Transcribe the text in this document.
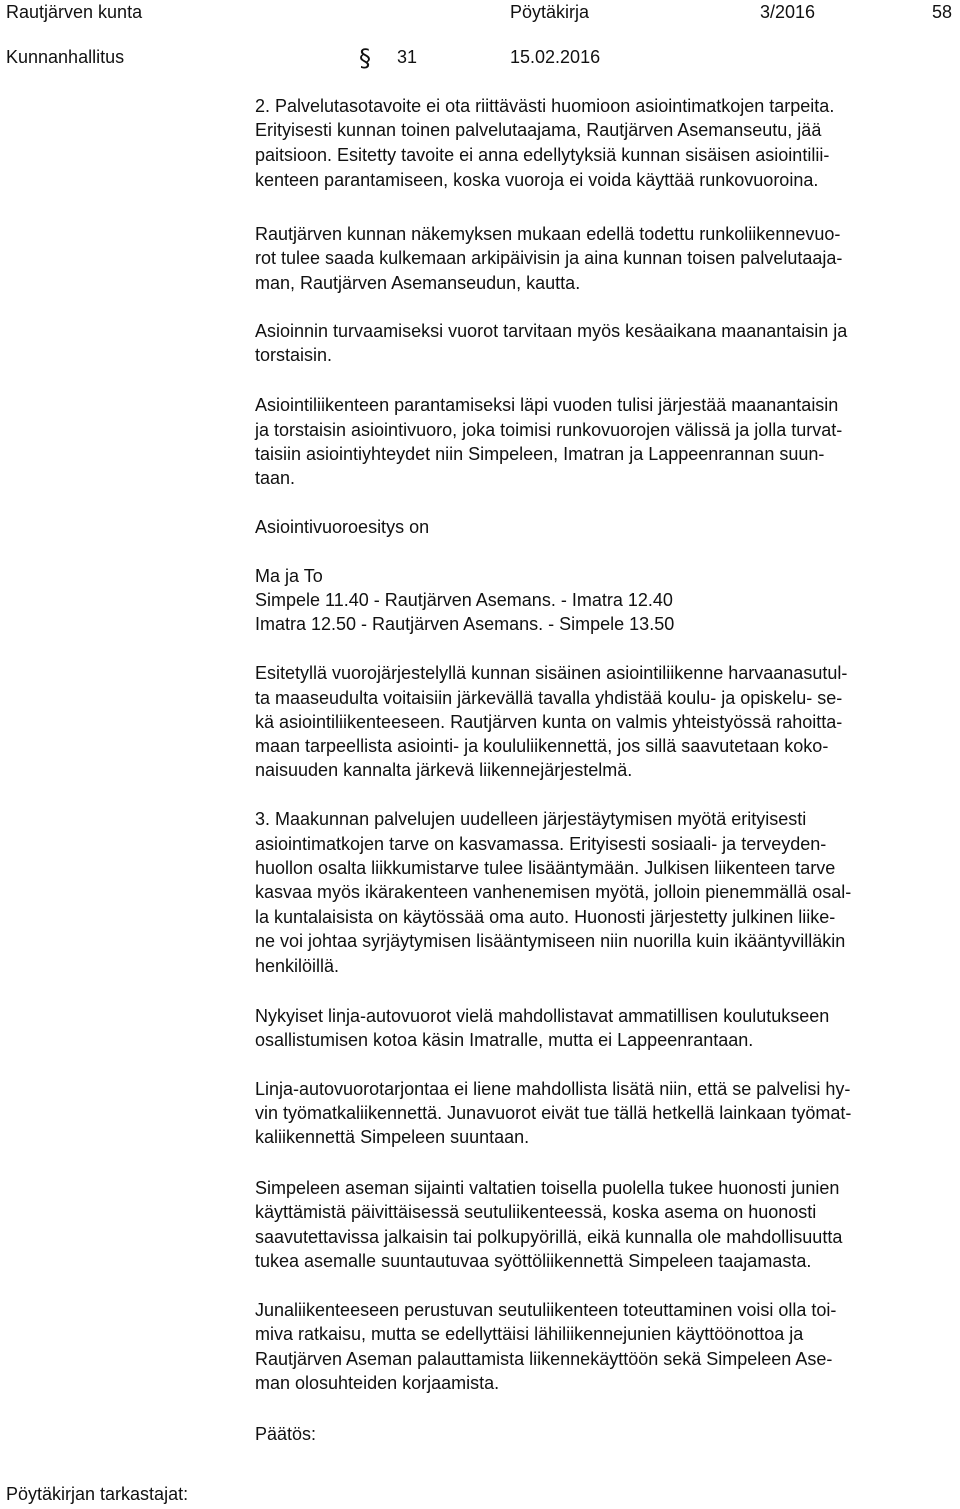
Rautjärven kunta	Pöytäkirja	3/2016	58
Kunnanhallitus	§ 31	15.02.2016
2. Palvelutasotavoite ei ota riittävästi huomioon asiointimatkojen tarpeita.
Erityisesti kunnan toinen palvelutaajama, Rautjärven Asemanseutu, jää
paitsioon. Esitetty tavoite ei anna edellytyksiä kunnan sisäisen asiointilii-
kenteen parantamiseen, koska vuoroja ei voida käyttää runkovuoroina.
Rautjärven kunnan näkemyksen mukaan edellä todettu runkoliikennevuo-
rot tulee saada kulkemaan arkipäivisin ja aina kunnan toisen palvelutaaja-
man, Rautjärven Asemanseudun, kautta.
Asioinnin turvaamiseksi vuorot tarvitaan myös kesäaikana maanantaisin ja
torstaisin.
Asiointiliikenteen parantamiseksi läpi vuoden tulisi järjestää maanantaisin
ja torstaisin asiointivuoro, joka toimisi runkovuorojen välissä ja jolla turvat-
taisiin asiointiyhteydet niin Simpeleen, Imatran ja Lappeenrannan suun-
taan.
Asiointivuoroesitys on
Ma ja To
Simpele 11.40 - Rautjärven Asemans. - Imatra 12.40
Imatra 12.50 - Rautjärven Asemans. - Simpele 13.50
Esitetyllä vuorojärjestelyllä kunnan sisäinen asiointiliikenne harvaanasutul-
ta maaseudulta voitaisiin järkevällä tavalla yhdistää koulu- ja opiskelu- se-
kä asiointiliikenteeseen. Rautjärven kunta on valmis yhteistyössä rahoitta-
maan tarpeellista asiointi- ja koululiikennettä, jos sillä saavutetaan koko-
naisuuden kannalta järkevä liikennejärjestelmä.
3. Maakunnan palvelujen uudelleen järjestäytymisen myötä erityisesti
asiointimatkojen tarve on kasvamassa. Erityisesti sosiaali- ja terveyden-
huollon osalta liikkumistarve tulee lisääntymään. Julkisen liikenteen tarve
kasvaa myös ikärakenteen vanhenemisen myötä, jolloin pienemmällä osal-
la kuntalaisista on käytössää oma auto. Huonosti järjestetty julkinen liike-
ne voi johtaa syrjäytymisen lisääntymiseen niin nuorilla kuin ikääntyvilläkin
henkilöillä.
Nykyiset linja-autovuorot vielä mahdollistavat ammatillisen koulutukseen
osallistumisen kotoa käsin Imatralle, mutta ei Lappeenrantaan.
Linja-autovuorotarjontaa ei liene mahdollista lisätä niin, että se palvelisi hy-
vin työmatkaliikennettä. Junavuorot eivät tue tällä hetkellä lainkaan työmat-
kaliikennettä Simpeleen suuntaan.
Simpeleen aseman sijainti valtatien toisella puolella tukee huonosti junien
käyttämistä päivittäisessä seutuliikenteessä, koska asema on huonosti
saavutettavissa jalkaisin tai polkupyörillä, eikä kunnalla ole mahdollisuutta
tukea asemalle suuntautuvaa syöttöliikennettä Simpeleen taajamasta.
Junaliikenteeseen perustuvan seutuliikenteen toteuttaminen voisi olla toi-
miva ratkaisu, mutta se edellyttäisi lähiliikennejunien käyttöönottoa ja
Rautjärven Aseman palauttamista liikennekäyttöön sekä Simpeleen Ase-
man olosuhteiden korjaamista.
Päätös:
Pöytäkirjan tarkastajat:
